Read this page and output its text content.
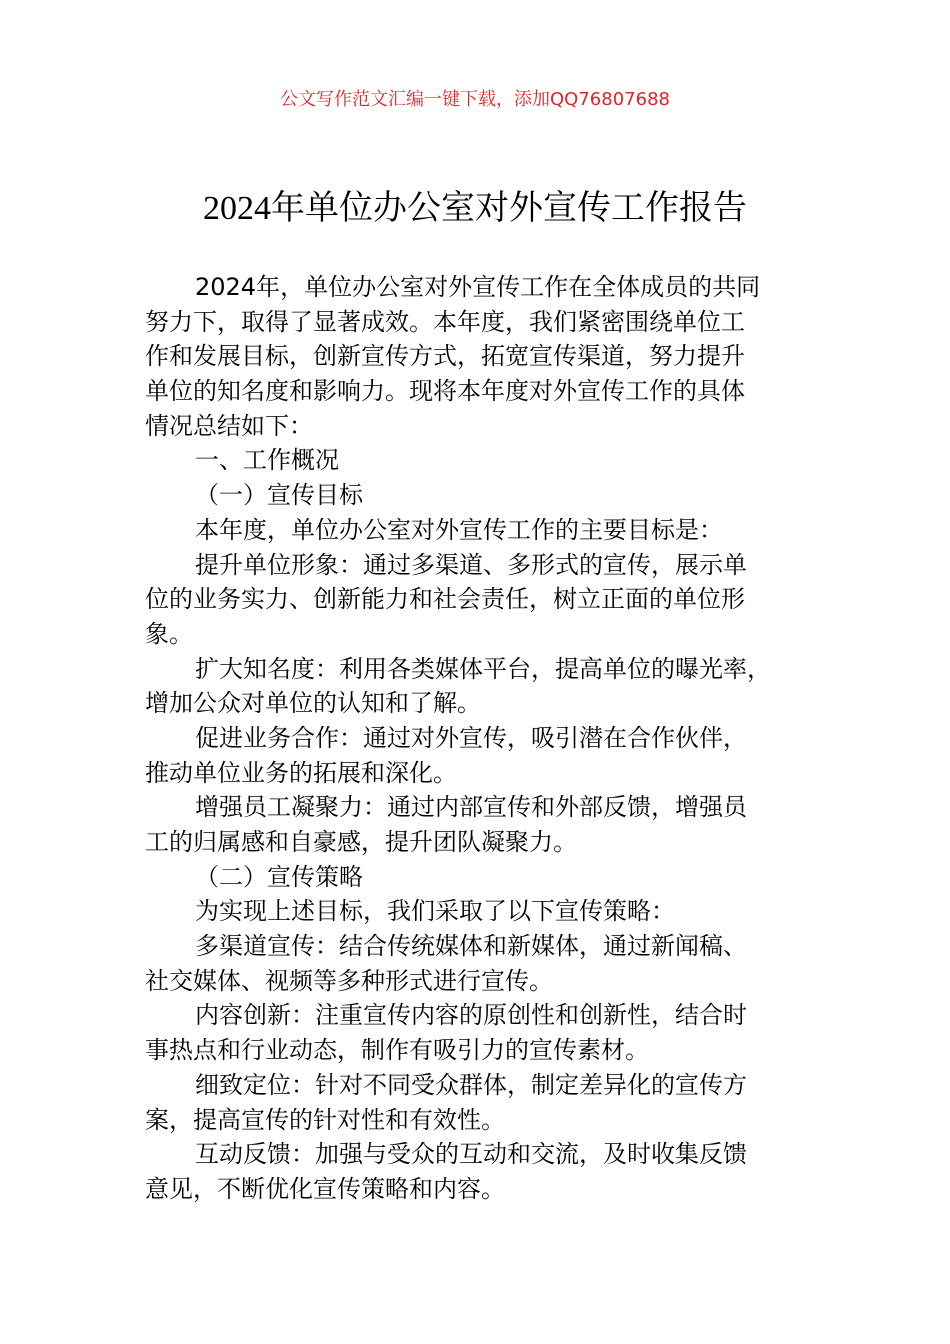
公文写作范文汇编一键下载，添加QQ76807688
2024年单位办公室对外宣传工作报告
2024年，单位办公室对外宣传工作在全体成员的共同
努力下，取得了显著成效。本年度，我们紧密围绕单位工
作和发展目标，创新宣传方式，拓宽宣传渠道，努力提升
单位的知名度和影响力。现将本年度对外宣传工作的具体
情况总结如下：
一、工作概况
（一）宣传目标
本年度，单位办公室对外宣传工作的主要目标是：
提升单位形象：通过多渠道、多形式的宣传，展示单
位的业务实力、创新能力和社会责任，树立正面的单位形
象。
扩大知名度：利用各类媒体平台，提高单位的曝光率，
增加公众对单位的认知和了解。
促进业务合作：通过对外宣传，吸引潜在合作伙伴，
推动单位业务的拓展和深化。
增强员工凝聚力：通过内部宣传和外部反馈，增强员
工的归属感和自豪感，提升团队凝聚力。
（二）宣传策略
为实现上述目标，我们采取了以下宣传策略：
多渠道宣传：结合传统媒体和新媒体，通过新闻稿、
社交媒体、视频等多种形式进行宣传。
内容创新：注重宣传内容的原创性和创新性，结合时
事热点和行业动态，制作有吸引力的宣传素材。
细致定位：针对不同受众群体，制定差异化的宣传方
案，提高宣传的针对性和有效性。
互动反馈：加强与受众的互动和交流，及时收集反馈
意见，不断优化宣传策略和内容。
